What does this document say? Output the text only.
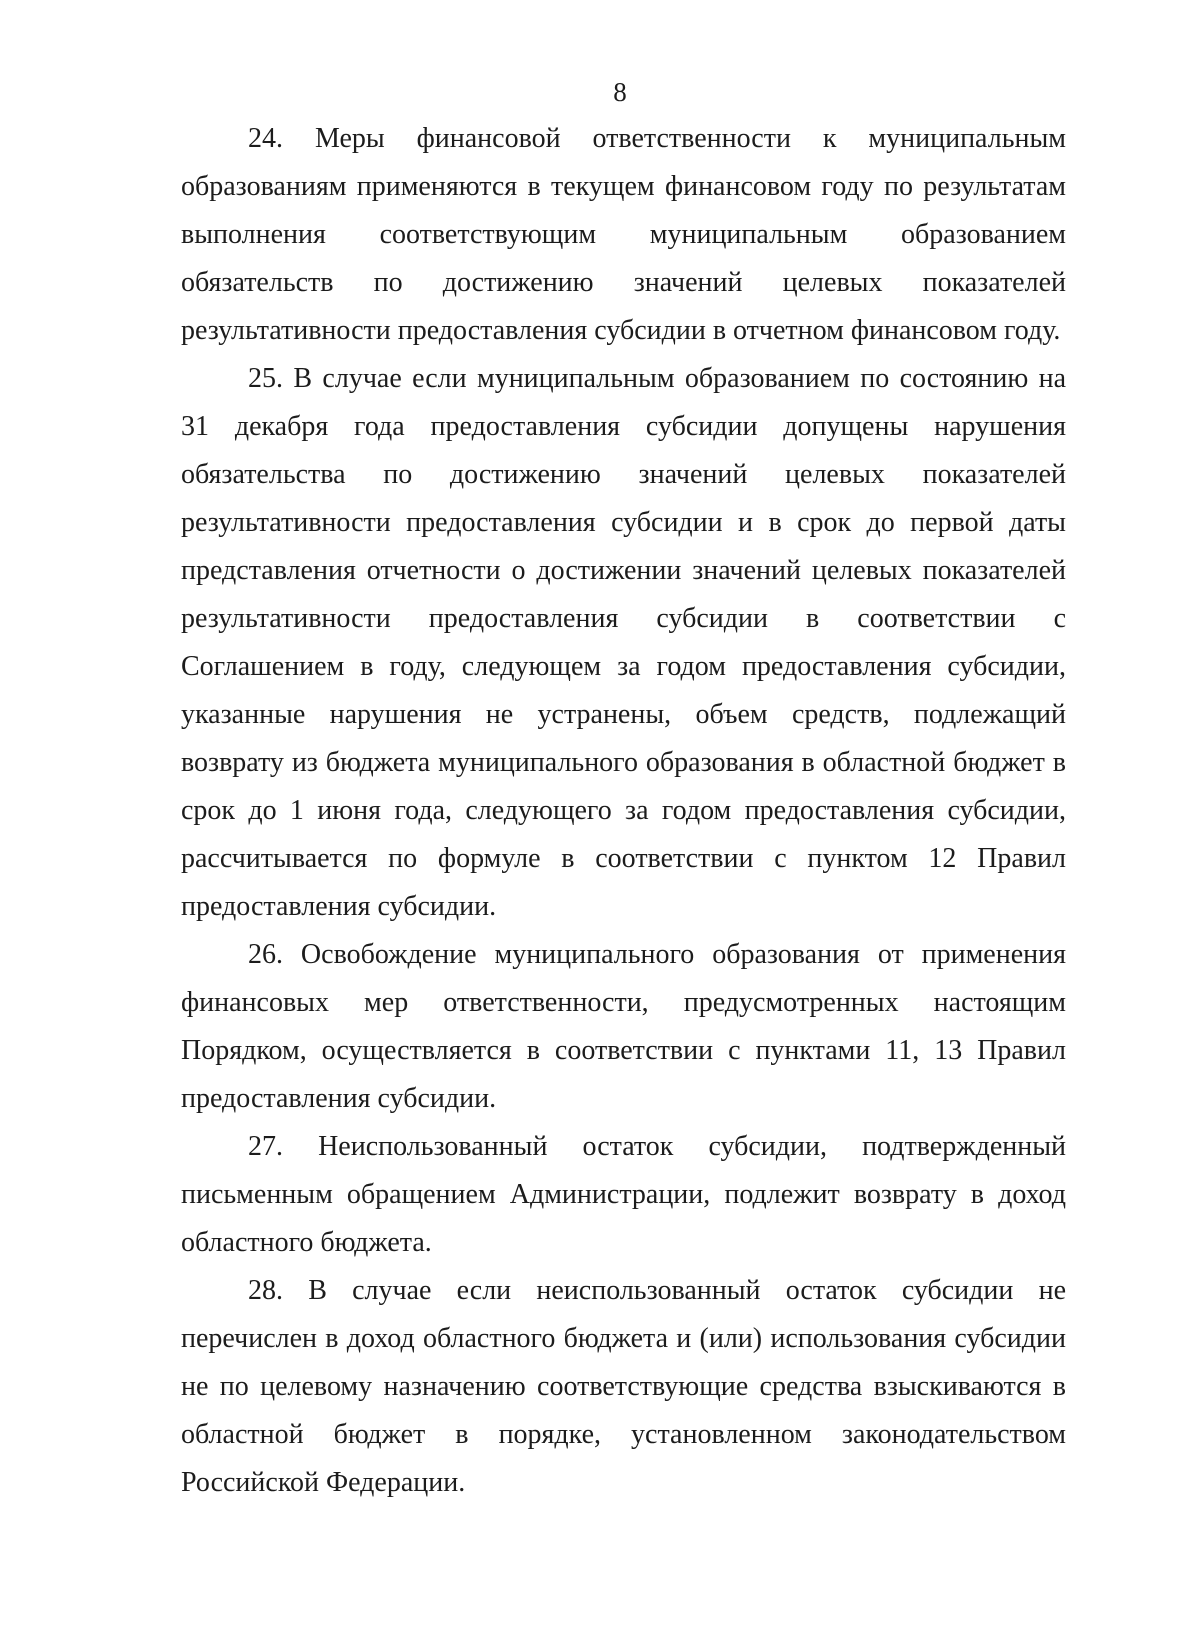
8

24. Меры финансовой ответственности к муниципальным образованиям применяются в текущем финансовом году по результатам выполнения соответствующим муниципальным образованием обязательств по достижению значений целевых показателей результативности предоставления субсидии в отчетном финансовом году.

25. В случае если муниципальным образованием по состоянию на 31 декабря года предоставления субсидии допущены нарушения обязательства по достижению значений целевых показателей результативности предоставления субсидии и в срок до первой даты представления отчетности о достижении значений целевых показателей результативности предоставления субсидии в соответствии с Соглашением в году, следующем за годом предоставления субсидии, указанные нарушения не устранены, объем средств, подлежащий возврату из бюджета муниципального образования в областной бюджет в срок до 1 июня года, следующего за годом предоставления субсидии, рассчитывается по формуле в соответствии с пунктом 12 Правил предоставления субсидии.

26. Освобождение муниципального образования от применения финансовых мер ответственности, предусмотренных настоящим Порядком, осуществляется в соответствии с пунктами 11, 13 Правил предоставления субсидии.

27. Неиспользованный остаток субсидии, подтвержденный письменным обращением Администрации, подлежит возврату в доход областного бюджета.

28. В случае если неиспользованный остаток субсидии не перечислен в доход областного бюджета и (или) использования субсидии не по целевому назначению соответствующие средства взыскиваются в областной бюджет в порядке, установленном законодательством Российской Федерации.
